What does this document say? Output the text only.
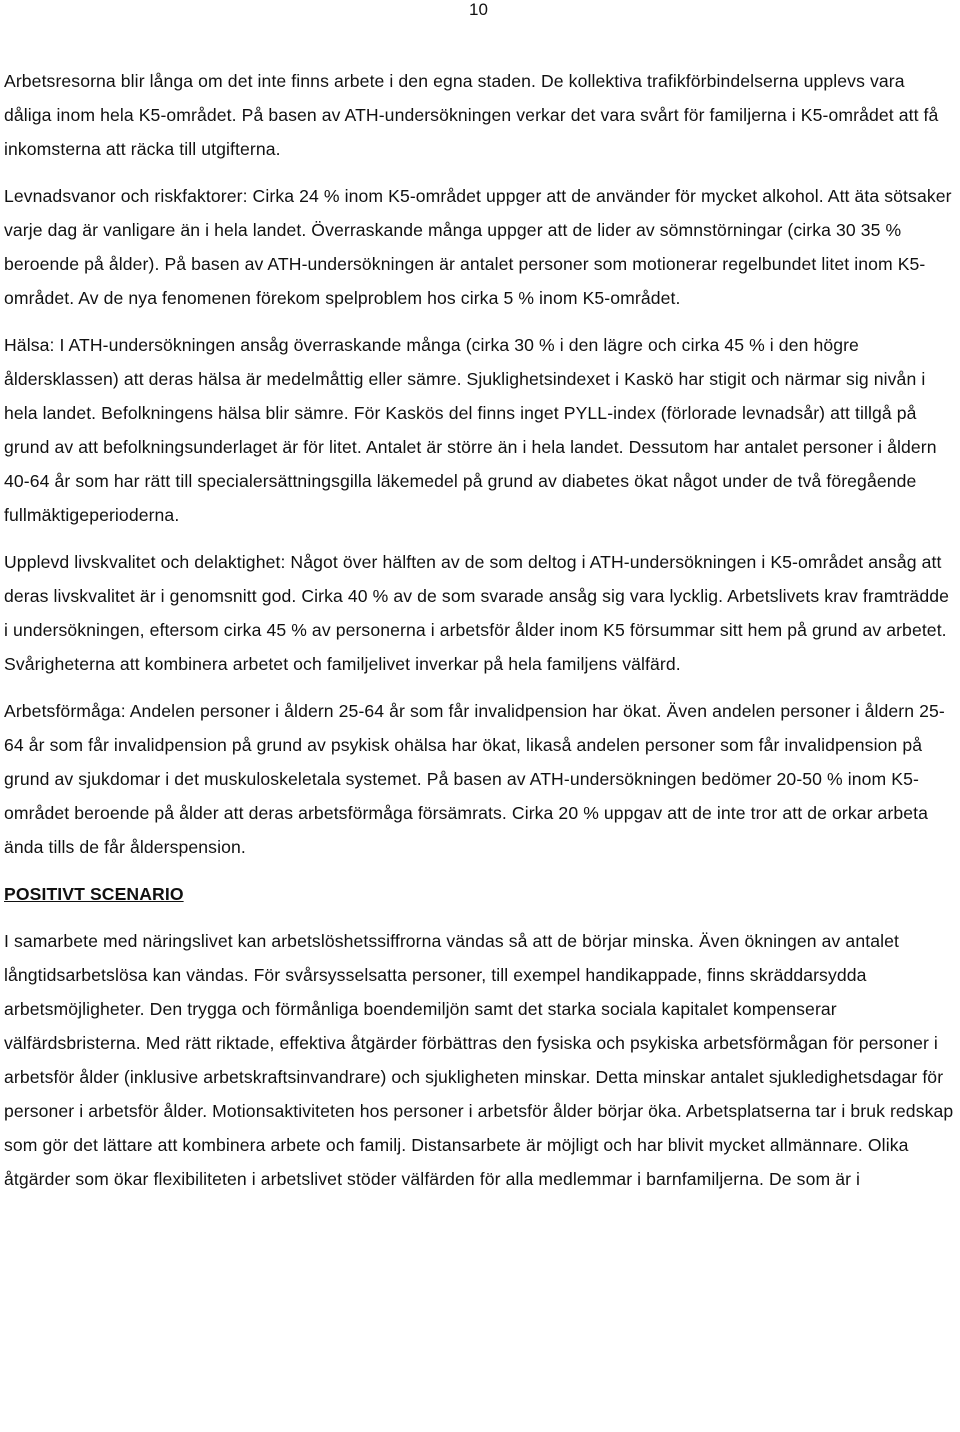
10

Arbetsresorna blir långa om det inte finns arbete i den egna staden. De kollektiva trafikförbindelserna upplevs vara dåliga inom hela K5-området. På basen av ATH-undersökningen verkar det vara svårt för familjerna i K5-området att få inkomsterna att räcka till utgifterna.

Levnadsvanor och riskfaktorer: Cirka 24 % inom K5-området uppger att de använder för mycket alkohol. Att äta sötsaker varje dag är vanligare än i hela landet. Överraskande många uppger att de lider av sömnstörningar (cirka 30 35 % beroende på ålder). På basen av ATH-undersökningen är antalet personer som motionerar regelbundet litet inom K5-området. Av de nya fenomenen förekom spelproblem hos cirka 5 % inom K5-området.

Hälsa: I ATH-undersökningen ansåg överraskande många (cirka 30 % i den lägre och cirka 45 % i den högre åldersklassen) att deras hälsa är medelmåttig eller sämre. Sjuklighetsindexet i Kaskö har stigit och närmar sig nivån i hela landet. Befolkningens hälsa blir sämre. För Kaskös del finns inget PYLL-index (förlorade levnadsår) att tillgå på grund av att befolkningsunderlaget är för litet. Antalet är större än i hela landet. Dessutom har antalet personer i åldern 40-64 år som har rätt till specialersättningsgilla läkemedel på grund av diabetes ökat något under de två föregående fullmäktigeperioderna.

Upplevd livskvalitet och delaktighet: Något över hälften av de som deltog i ATH-undersökningen i K5-området ansåg att deras livskvalitet är i genomsnitt god. Cirka 40 % av de som svarade ansåg sig vara lycklig. Arbetslivets krav framträdde i undersökningen, eftersom cirka 45 % av personerna i arbetsför ålder inom K5 försummar sitt hem på grund av arbetet. Svårigheterna att kombinera arbetet och familjelivet inverkar på hela familjens välfärd.

Arbetsförmåga: Andelen personer i åldern 25-64 år som får invalidpension har ökat. Även andelen personer i åldern 25-64 år som får invalidpension på grund av psykisk ohälsa har ökat, likaså andelen personer som får invalidpension på grund av sjukdomar i det muskuloskeletala systemet. På basen av ATH-undersökningen bedömer 20-50 % inom K5-området beroende på ålder att deras arbetsförmåga försämrats. Cirka 20 % uppgav att de inte tror att de orkar arbeta ända tills de får ålderspension.

POSITIVT SCENARIO

I samarbete med näringslivet kan arbetslöshetssiffrorna vändas så att de börjar minska. Även ökningen av antalet långtidsarbetslösa kan vändas. För svårsysselsatta personer, till exempel handikappade, finns skräddarsydda arbetsmöjligheter. Den trygga och förmånliga boendemiljön samt det starka sociala kapitalet kompenserar välfärdsbristerna. Med rätt riktade, effektiva åtgärder förbättras den fysiska och psykiska arbetsförmågan för personer i arbetsför ålder (inklusive arbetskraftsinvandrare) och sjukligheten minskar. Detta minskar antalet sjukledighetsdagar för personer i arbetsför ålder. Motionsaktiviteten hos personer i arbetsför ålder börjar öka. Arbetsplatserna tar i bruk redskap som gör det lättare att kombinera arbete och familj. Distansarbete är möjligt och har blivit mycket allmännare. Olika åtgärder som ökar flexibiliteten i arbetslivet stöder välfärden för alla medlemmar i barnfamiljerna. De som är i
